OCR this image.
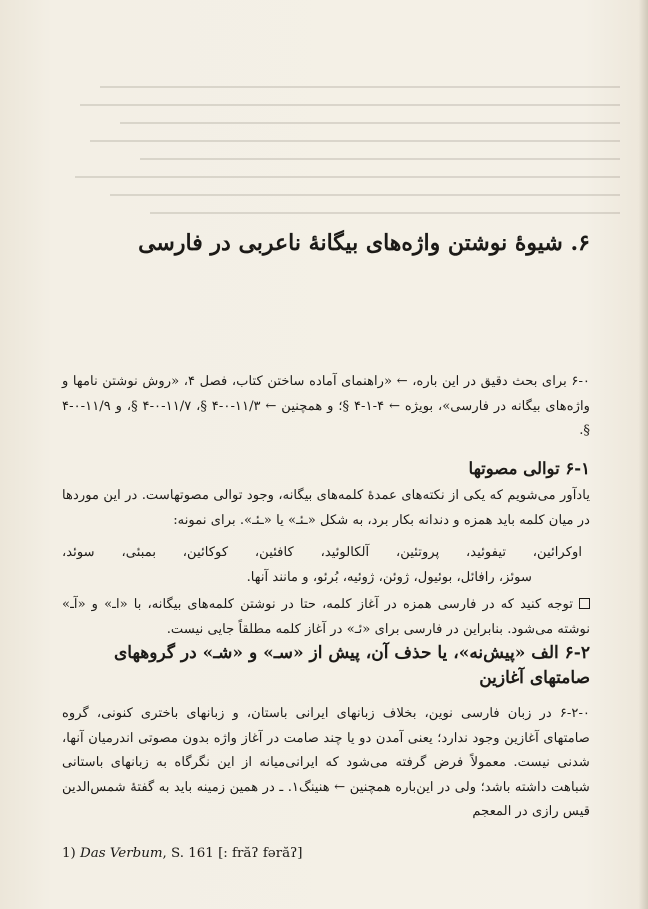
۶. شیوهٔ نوشتن واژه‌های بیگانهٔ ناعربی در فارسی
۶-۰ برای بحث دقیق در این باره، ← «راهنمای آماده ساختن کتاب، فصل ۴، «روش نوشتن نامها و واژه‌های بیگانه در فارسی»، بویژه ← ۴-۱-۴ §؛ و همچنین ← ۱۱/۳-۰-۴ §، ۱۱/۷-۰-۴ §، و ۱۱/۹-۰-۴ §.
۶-۱ توالی مصوتها
یادآور می‌شویم که یکی از نکته‌های عمدهٔ کلمه‌های بیگانه، وجود توالی مصوتهاست. در این موردها در میان کلمه باید همزه و دندانه بکار برد، به شکل «ـئـ» یا «ـئـ». برای نمونه:
اوکرائین، تیفوئید، پروتئین، آلکالوئید، کافئین، کوکائین، بمبئی، سوئد،
سوئز، رافائل، بوئیول، ژوئن، ژوئیه، بُرئو، و مانند آنها.
توجه کنید که در فارسی همزه در آغاز کلمه، حتا در نوشتن کلمه‌های بیگانه، با «اـ» و «آـ» نوشته می‌شود. بنابراین در فارسی برای «ئـ» در آغاز کلمه مطلقاً جایی نیست.
۶-۲ الف «پیش‌نه»، یا حذف آن، پیش از «سـ» و «شـ» در گروههای صامتهای آغازین
۶-۲-۰ در زبان فارسی نوین، بخلاف زبانهای ایرانی باستان، و زبانهای باختری کنونی، گروه صامتهای آغازین وجود ندارد؛ یعنی آمدن دو یا چند صامت در آغاز واژه بدون مصوتی اندرمیان آنها، شدنی نیست. معمولاً فرض گرفته می‌شود که ایرانی‌میانه از این نگرگاه به زبانهای باستانی شباهت داشته باشد؛ ولی در این‌باره همچنین ← هنینگ١. ـ در همین زمینه باید به گفتهٔ شمس‌الدین قیس رازی در المعجم
1) Das Verbum, S. 161 [: frăʔ fərăʔ]
